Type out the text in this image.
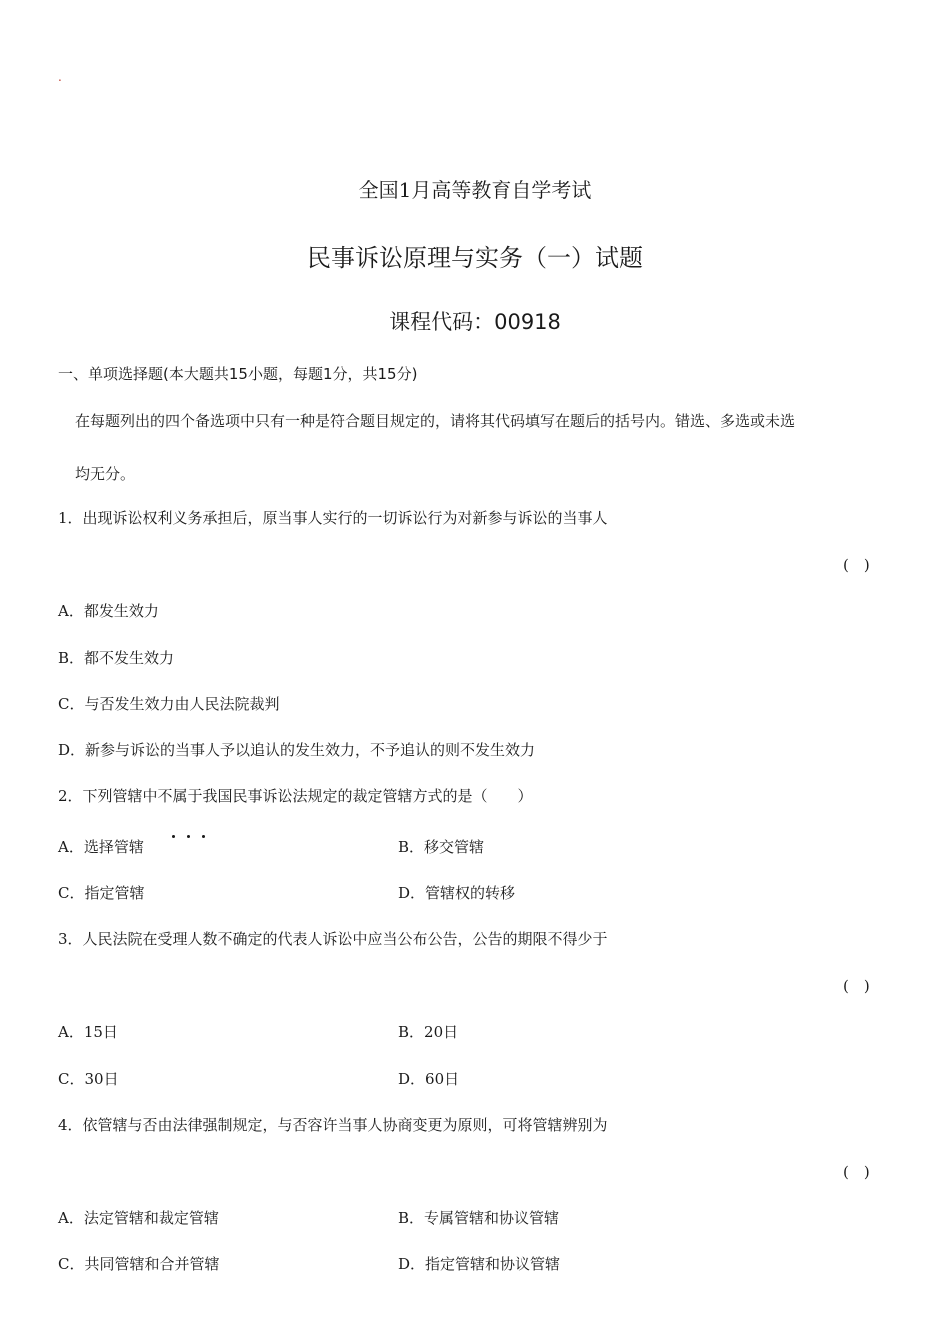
.
全国1月高等教育自学考试
民事诉讼原理与实务（一）试题
课程代码：00918
一、单项选择题(本大题共15小题，每题1分，共15分)
在每题列出的四个备选项中只有一种是符合题目规定的，请将其代码填写在题后的括号内。错选、多选或未选
均无分。
1．出现诉讼权利义务承担后，原当事人实行的一切诉讼行为对新参与诉讼的当事人
(　)
A．都发生效力
B．都不发生效力
C．与否发生效力由人民法院裁判
D．新参与诉讼的当事人予以追认的发生效力，不予追认的则不发生效力
2．下列管辖中不属于我国民事诉讼法规定的裁定管辖方式的是（　　）
A．选择管辖	B．移交管辖
C．指定管辖	D．管辖权的转移
3．人民法院在受理人数不确定的代表人诉讼中应当公布公告，公告的期限不得少于
(　)
A．15日	B．20日
C．30日	D．60日
4．依管辖与否由法律强制规定，与否容许当事人协商变更为原则，可将管辖辨别为
(　)
A．法定管辖和裁定管辖	B．专属管辖和协议管辖
C．共同管辖和合并管辖	D．指定管辖和协议管辖
